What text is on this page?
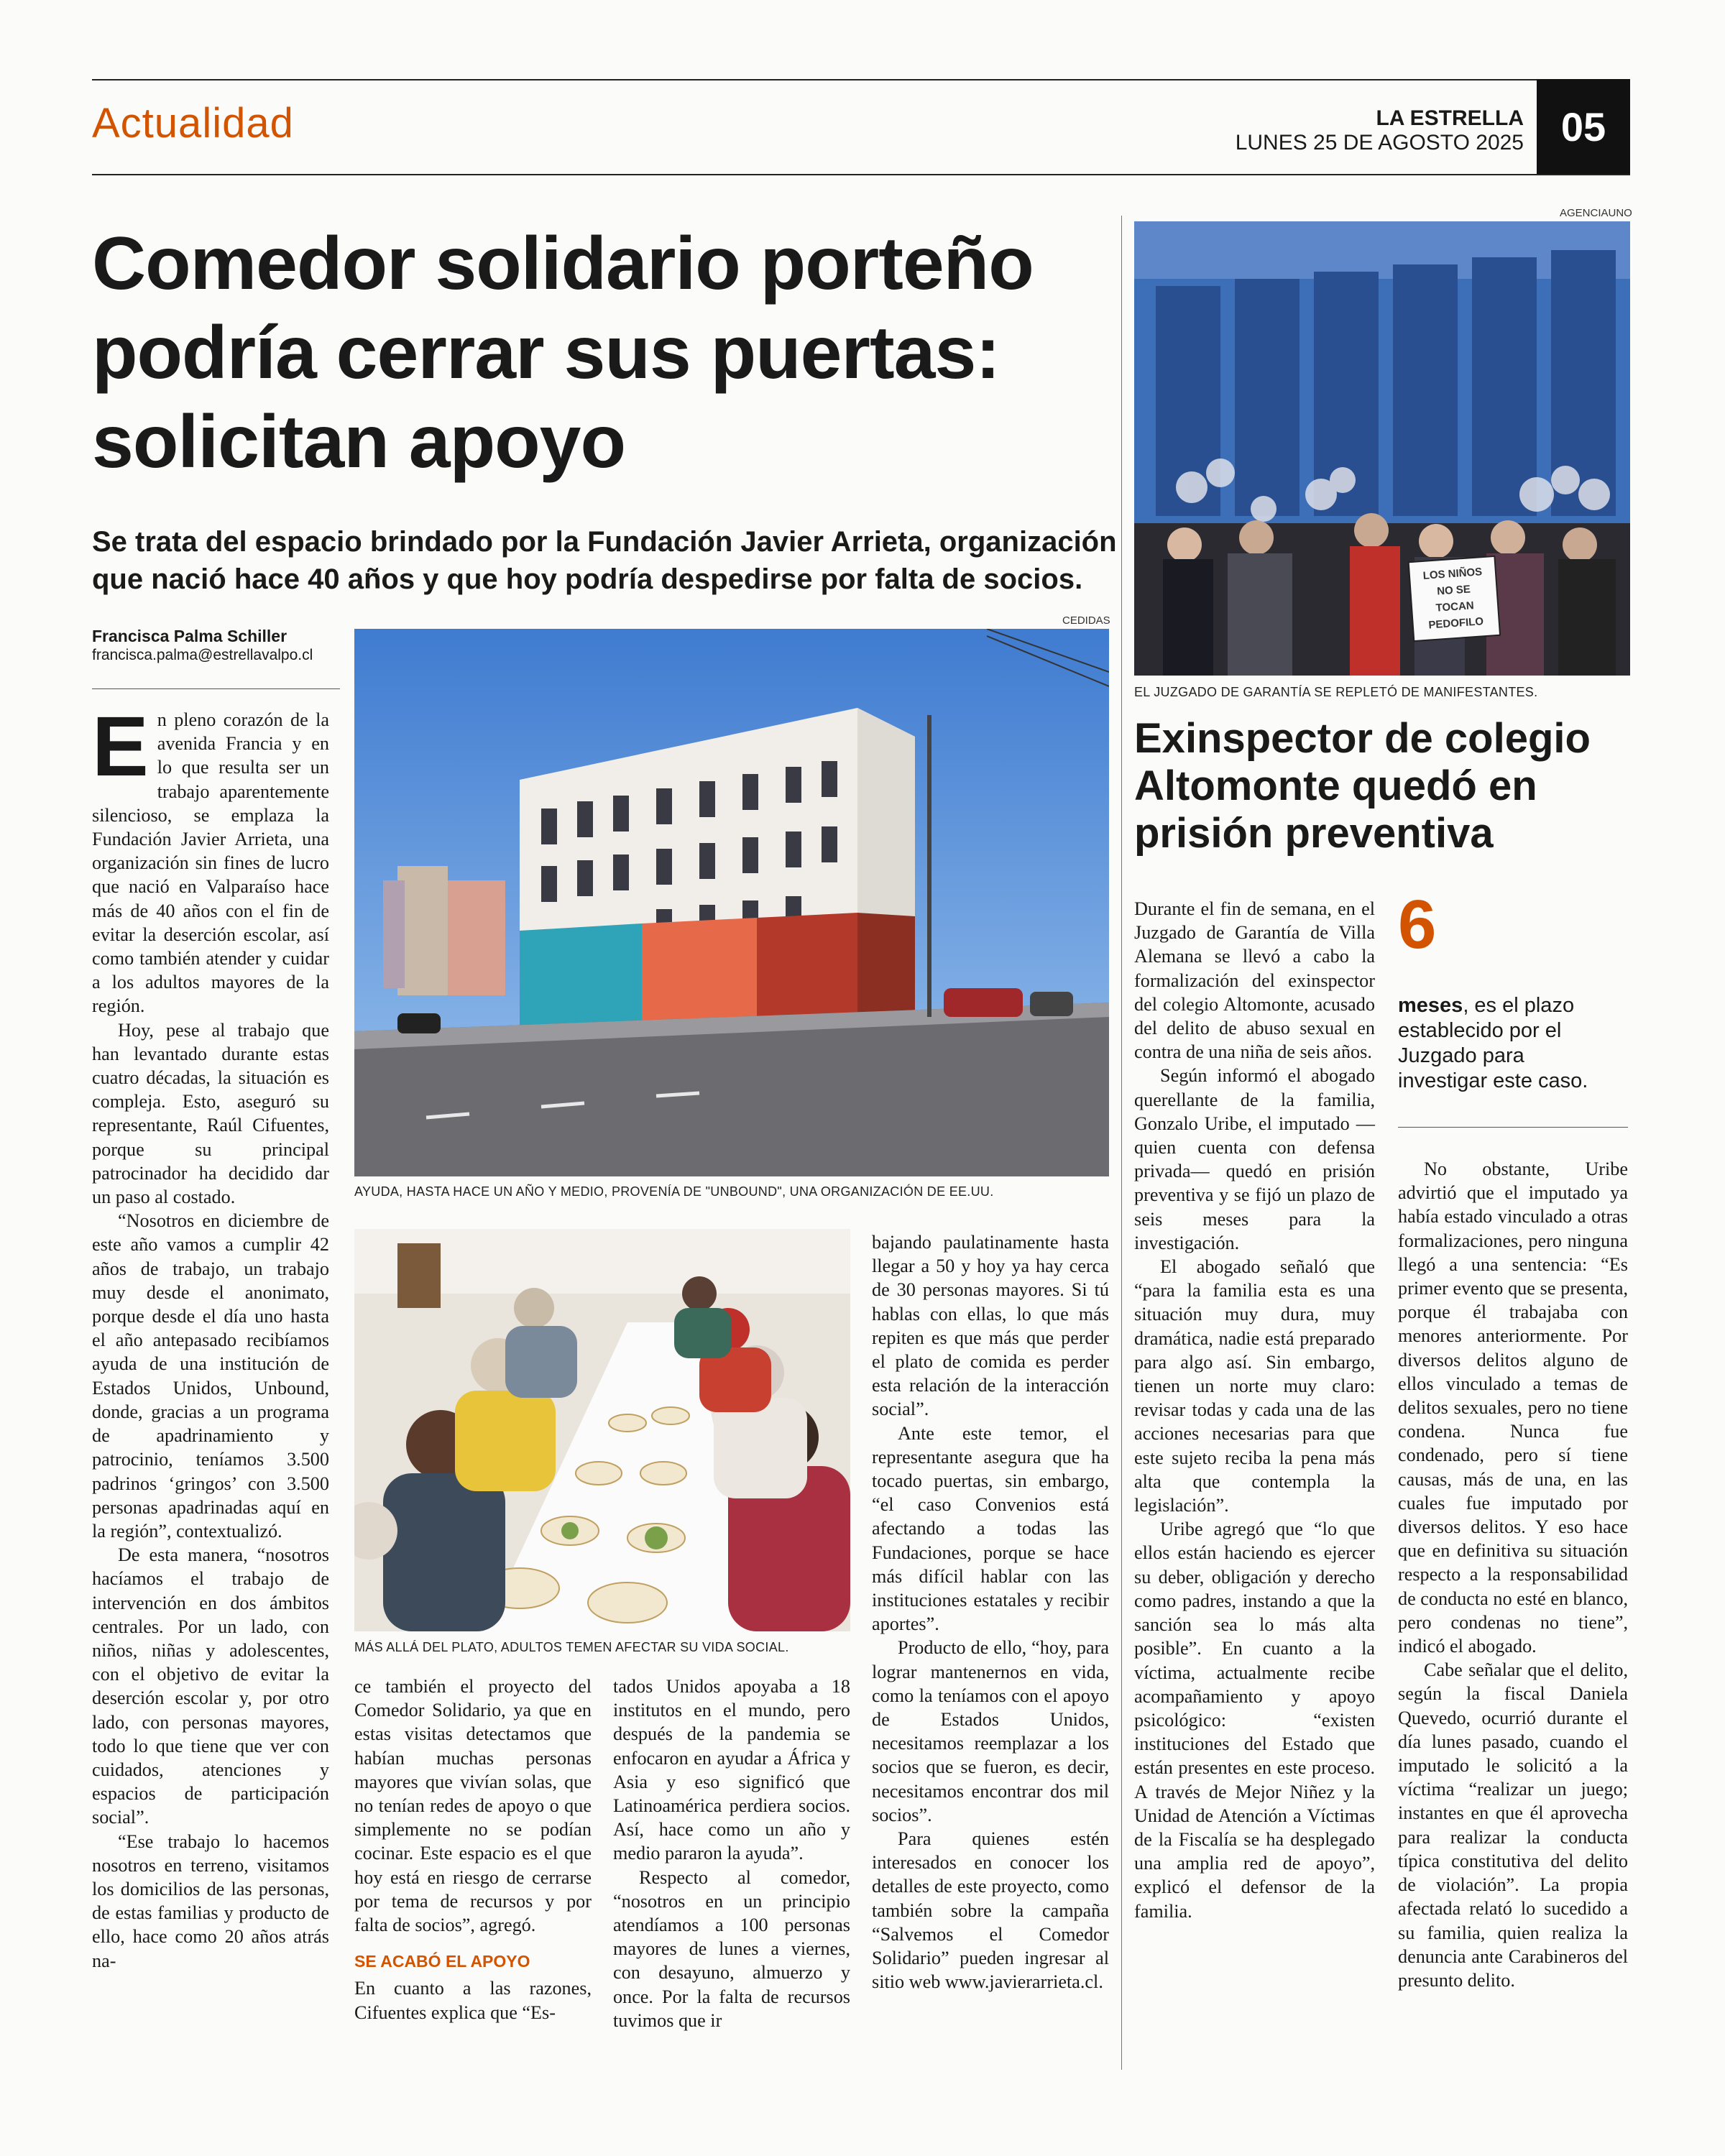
Actualidad	LA ESTRELLA
LUNES 25 DE AGOSTO 2025 05
Comedor solidario porteño podría cerrar sus puertas: solicitan apoyo
Se trata del espacio brindado por la Fundación Javier Arrieta, organización que nació hace 40 años y que hoy podría despedirse por falta de socios.
Francisca Palma Schiller
francisca.palma@estrellavalpo.cl

En pleno corazón de la avenida Francia y en lo que resulta ser un trabajo aparentemente silencioso, se emplaza la Fundación Javier Arrieta, una organización sin fines de lucro que nació en Valparaíso hace más de 40 años con el fin de evitar la deserción escolar, así como también atender y cuidar a los adultos mayores de la región.

Hoy, pese al trabajo que han levantado durante estas cuatro décadas, la situación es compleja. Esto, aseguró su representante, Raúl Cifuentes, porque su principal patrocinador ha decidido dar un paso al costado.

“Nosotros en diciembre de este año vamos a cumplir 42 años de trabajo, un trabajo muy desde el anonimato, porque desde el día uno hasta el año antepasado recibíamos ayuda de una institución de Estados Unidos, Unbound, donde, gracias a un programa de apadrinamiento y patrocinio, teníamos 3.500 padrinos ‘gringos’ con 3.500 personas apadrinadas aquí en la región”, contextualizó.

De esta manera, “nosotros hacíamos el trabajo de intervención en dos ámbitos centrales. Por un lado, con niños, niñas y adolescentes, con el objetivo de evitar la deserción escolar y, por otro lado, con personas mayores, todo lo que tiene que ver con cuidados, atenciones y espacios de participación social”.

“Ese trabajo lo hacemos nosotros en terreno, visitamos los domicilios de las personas, de estas familias y producto de ello, hace como 20 años atrás na-

CEDIDAS
AYUDA, HASTA HACE UN AÑO Y MEDIO, PROVENÍA DE "UNBOUND", UNA ORGANIZACIÓN DE EE.UU.
MÁS ALLÁ DEL PLATO, ADULTOS TEMEN AFECTAR SU VIDA SOCIAL.

ce también el proyecto del Comedor Solidario, ya que en estas visitas detectamos que habían muchas personas mayores que vivían solas, que no tenían redes de apoyo o que simplemente no se podían cocinar. Este espacio es el que hoy está en riesgo de cerrarse por tema de recursos y por falta de socios”, agregó.

SE ACABÓ EL APOYO

En cuanto a las razones, Cifuentes explica que “Es-

tados Unidos apoyaba a 18 institutos en el mundo, pero después de la pandemia se enfocaron en ayudar a África y Asia y eso significó que Latinoamérica perdiera socios. Así, hace como un año y medio pararon la ayuda”.

Respecto al comedor, “nosotros en un principio atendíamos a 100 personas mayores de lunes a viernes, con desayuno, almuerzo y once. Por la falta de recursos tuvimos que ir

bajando paulatinamente hasta llegar a 50 y hoy ya hay cerca de 30 personas mayores. Si tú hablas con ellas, lo que más repiten es que más que perder el plato de comida es perder esta relación de la interacción social”.

Ante este temor, el representante asegura que ha tocado puertas, sin embargo, “el caso Convenios está afectando a todas las Fundaciones, porque se hace más difícil hablar con las instituciones estatales y recibir aportes”.

Producto de ello, “hoy, para lograr mantenernos en vida, como la teníamos con el apoyo de Estados Unidos, necesitamos reemplazar a los socios que se fueron, es decir, necesitamos encontrar dos mil socios”.

Para quienes estén interesados en conocer los detalles de este proyecto, como también sobre la campaña “Salvemos el Comedor Solidario” pueden ingresar al sitio web www.javierarrieta.cl.

AGENCIAUNO
LOS NIÑOS
NO SE
TOCAN
PEDOFILO
EL JUZGADO DE GARANTÍA SE REPLETÓ DE MANIFESTANTES.
Exinspector de colegio Altomonte quedó en prisión preventiva

Durante el fin de semana, en el Juzgado de Garantía de Villa Alemana se llevó a cabo la formalización del exinspector del colegio Altomonte, acusado del delito de abuso sexual en contra de una niña de seis años.

Según informó el abogado querellante de la familia, Gonzalo Uribe, el imputado —quien cuenta con defensa privada— quedó en prisión preventiva y se fijó un plazo de seis meses para la investigación.

El abogado señaló que “para la familia esta es una situación muy dura, muy dramática, nadie está preparado para algo así. Sin embargo, tienen un norte muy claro: revisar todas y cada una de las acciones necesarias para que este sujeto reciba la pena más alta que contempla la legislación”.

Uribe agregó que “lo que ellos están haciendo es ejercer su deber, obligación y derecho como padres, instando a que la sanción sea lo más alta posible”. En cuanto a la víctima, actualmente recibe acompañamiento y apoyo psicológico: “existen instituciones del Estado que están presentes en este proceso. A través de Mejor Niñez y la Unidad de Atención a Víctimas de la Fiscalía se ha desplegado una amplia red de apoyo”, explicó el defensor de la familia.

6
meses, es el plazo establecido por el Juzgado para investigar este caso.

No obstante, Uribe advirtió que el imputado ya había estado vinculado a otras formalizaciones, pero ninguna llegó a una sentencia: “Es primer evento que se presenta, porque él trabajaba con menores anteriormente. Por diversos delitos alguno de ellos vinculado a temas de delitos sexuales, pero no tiene condena. Nunca fue condenado, pero sí tiene causas, más de una, en las cuales fue imputado por diversos delitos. Y eso hace que en definitiva su situación respecto a la responsabilidad de conducta no esté en blanco, pero condenas no tiene”, indicó el abogado.

Cabe señalar que el delito, según la fiscal Daniela Quevedo, ocurrió durante el día lunes pasado, cuando el imputado le solicitó a la víctima “realizar un juego; instantes en que él aprovecha para realizar la conducta típica constitutiva del delito de violación”. La propia afectada relató lo sucedido a su familia, quien realiza la denuncia ante Carabineros del presunto delito.
